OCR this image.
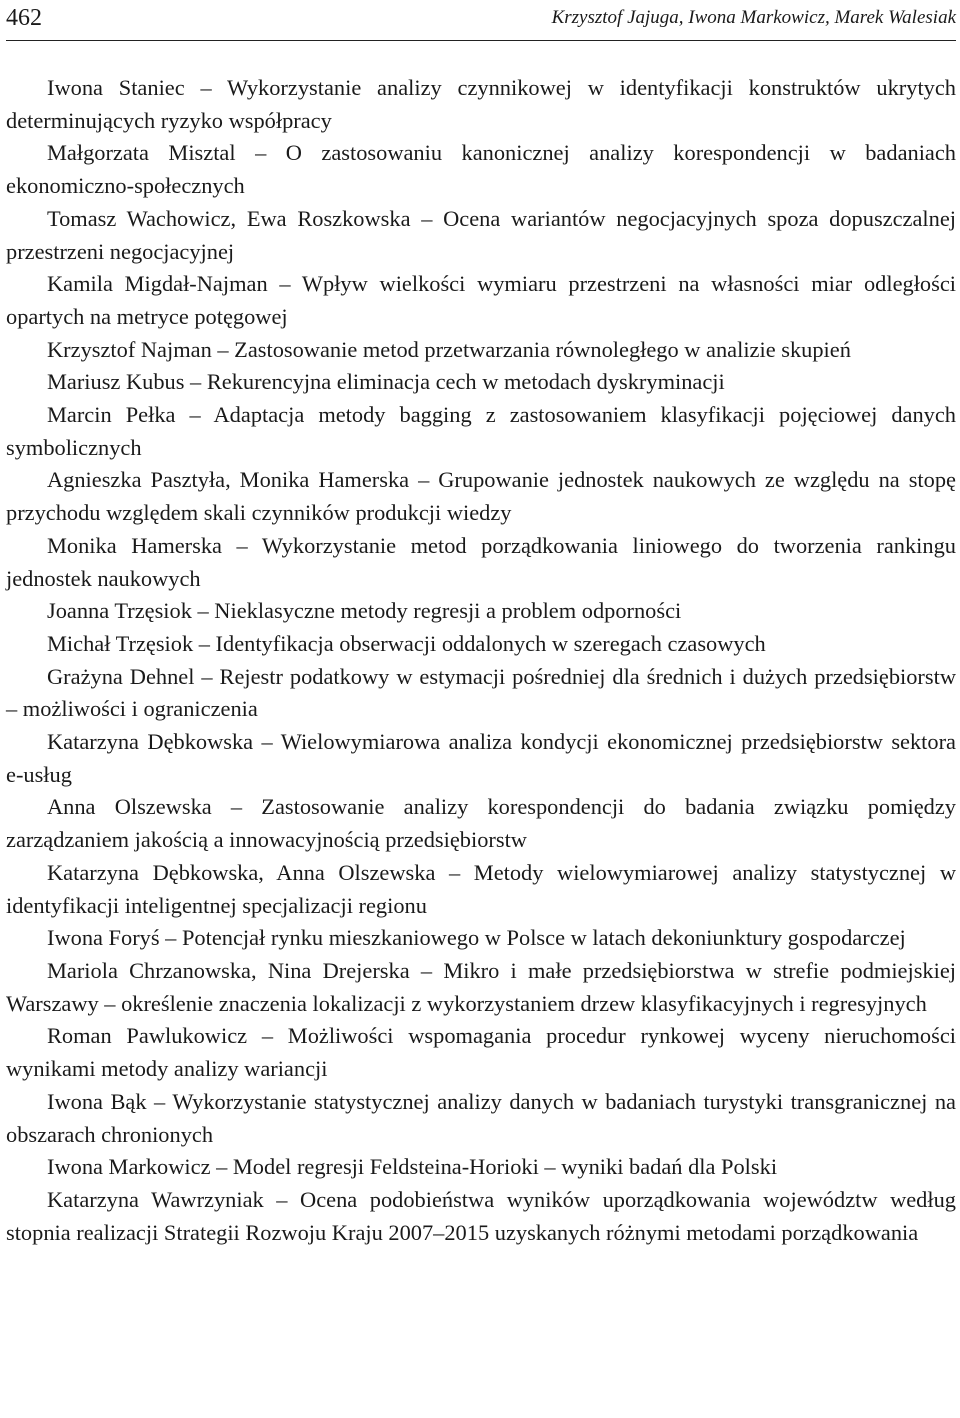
462	Krzysztof Jajuga, Iwona Markowicz, Marek Walesiak

Iwona Staniec – Wykorzystanie analizy czynnikowej w identyfikacji konstruktów ukrytych determinujących ryzyko współpracy

Małgorzata Misztal – O zastosowaniu kanonicznej analizy korespondencji w badaniach ekonomiczno-społecznych

Tomasz Wachowicz, Ewa Roszkowska – Ocena wariantów negocjacyjnych spoza dopuszczalnej przestrzeni negocjacyjnej

Kamila Migdał-Najman – Wpływ wielkości wymiaru przestrzeni na własności miar odległości opartych na metryce potęgowej

Krzysztof Najman – Zastosowanie metod przetwarzania równoległego w analizie skupień

Mariusz Kubus – Rekurencyjna eliminacja cech w metodach dyskryminacji

Marcin Pełka – Adaptacja metody bagging z zastosowaniem klasyfikacji pojęciowej danych symbolicznych

Agnieszka Pasztyła, Monika Hamerska – Grupowanie jednostek naukowych ze względu na stopę przychodu względem skali czynników produkcji wiedzy

Monika Hamerska – Wykorzystanie metod porządkowania liniowego do tworzenia rankingu jednostek naukowych

Joanna Trzęsiok – Nieklasyczne metody regresji a problem odporności

Michał Trzęsiok – Identyfikacja obserwacji oddalonych w szeregach czasowych

Grażyna Dehnel – Rejestr podatkowy w estymacji pośredniej dla średnich i dużych przedsiębiorstw – możliwości i ograniczenia

Katarzyna Dębkowska – Wielowymiarowa analiza kondycji ekonomicznej przedsiębiorstw sektora e-usług

Anna Olszewska – Zastosowanie analizy korespondencji do badania związku pomiędzy zarządzaniem jakością a innowacyjnością przedsiębiorstw

Katarzyna Dębkowska, Anna Olszewska – Metody wielowymiarowej analizy statystycznej w identyfikacji inteligentnej specjalizacji regionu

Iwona Foryś – Potencjał rynku mieszkaniowego w Polsce w latach dekoniunktury gospodarczej

Mariola Chrzanowska, Nina Drejerska – Mikro i małe przedsiębiorstwa w strefie podmiejskiej Warszawy – określenie znaczenia lokalizacji z wykorzystaniem drzew klasyfikacyjnych i regresyjnych

Roman Pawlukowicz – Możliwości wspomagania procedur rynkowej wyceny nieruchomości wynikami metody analizy wariancji

Iwona Bąk – Wykorzystanie statystycznej analizy danych w badaniach turystyki transgranicznej na obszarach chronionych

Iwona Markowicz – Model regresji Feldsteina-Horioki – wyniki badań dla Polski

Katarzyna Wawrzyniak – Ocena podobieństwa wyników uporządkowania województw według stopnia realizacji Strategii Rozwoju Kraju 2007–2015 uzyskanych różnymi metodami porządkowania
